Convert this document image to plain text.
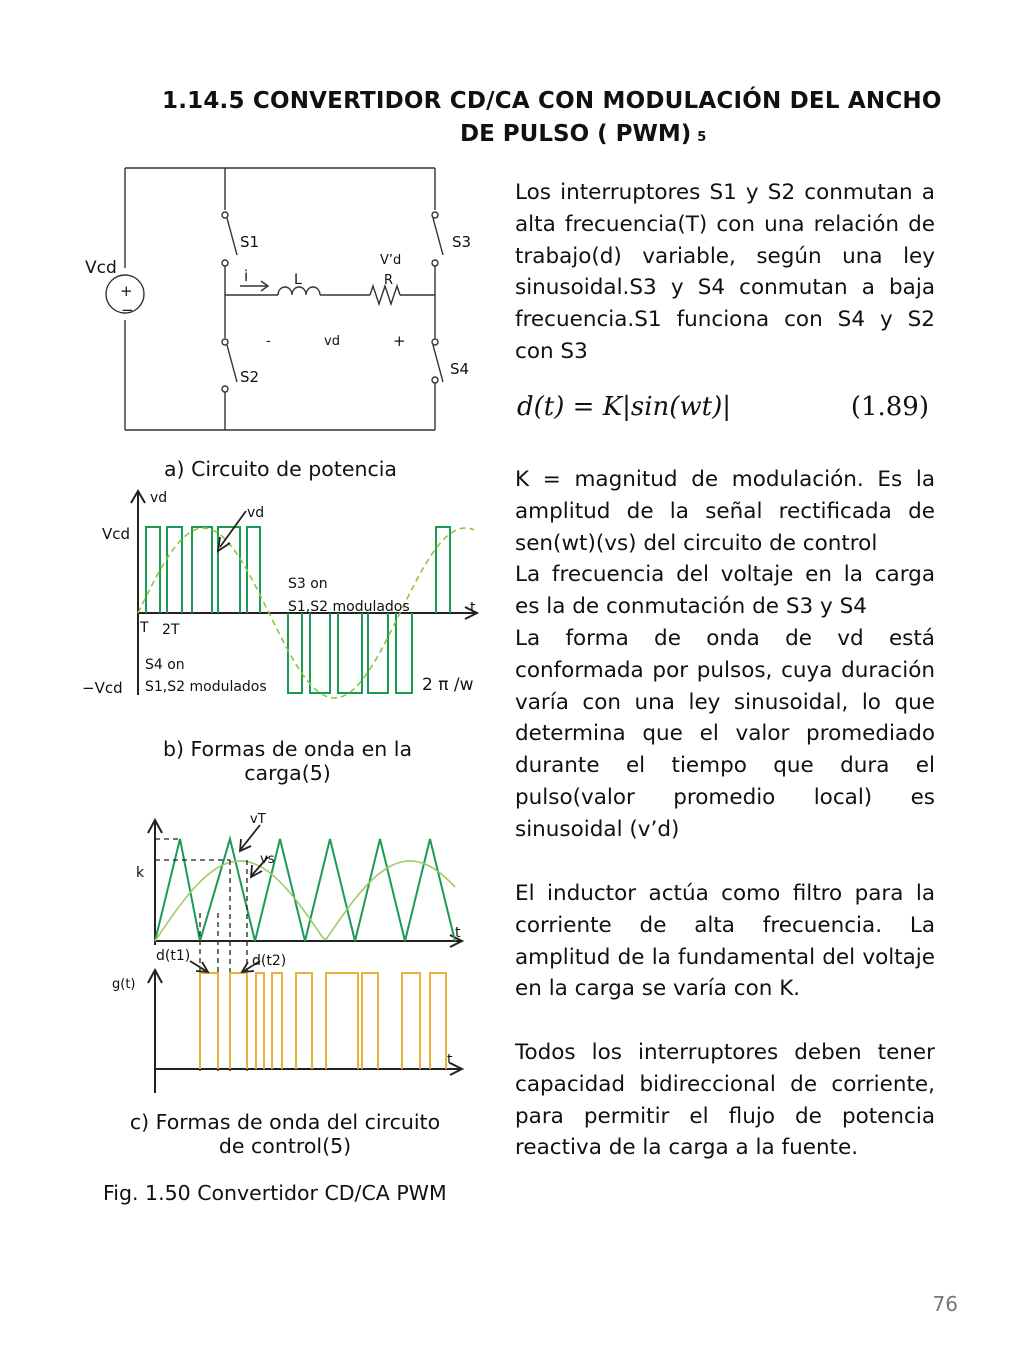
1.14.5 CONVERTIDOR CD/CA CON MODULACIÓN DEL ANCHO
DE PULSO ( PWM) 5
Vcd
+
−
S1
S2
S3
S4
i	L
V’d
R
-	vd	+
a) Circuito de potencia
vd
vd
Vcd
−Vcd
t
T 2T
S3 on
S1,S2 modulados
S4 on
S1,S2 modulados	2 π /w
b) Formas de onda en la
carga(5)
vT
vs
k
t
d(t1)	d(t2)
g(t)
t
c) Formas de onda del circuito
de control(5)
Fig. 1.50 Convertidor CD/CA PWM

Los interruptores S1 y S2 conmutan a alta frecuencia(T) con una relación de trabajo(d) variable, según una ley sinusoidal.S3 y S4 conmutan a baja frecuencia.S1 funciona con S4 y S2 con S3

d(t) = K|sin(wt)|	(1.89)

K = magnitud de modulación. Es la amplitud de la señal rectificada de sen(wt)(vs) del circuito de control

La frecuencia del voltaje en la carga es la de conmutación de S3 y S4

La forma de onda de vd está conformada por pulsos, cuya duración varía con una ley sinusoidal, lo que determina que el valor promediado durante el tiempo que dura el pulso(valor promedio local) es sinusoidal (v’d)

El inductor actúa como filtro para la corriente de alta frecuencia. La amplitud de la fundamental del voltaje en la carga se varía con K.

Todos los interruptores deben tener capacidad bidireccional de corriente, para permitir el flujo de potencia reactiva de la carga a la fuente.

76
